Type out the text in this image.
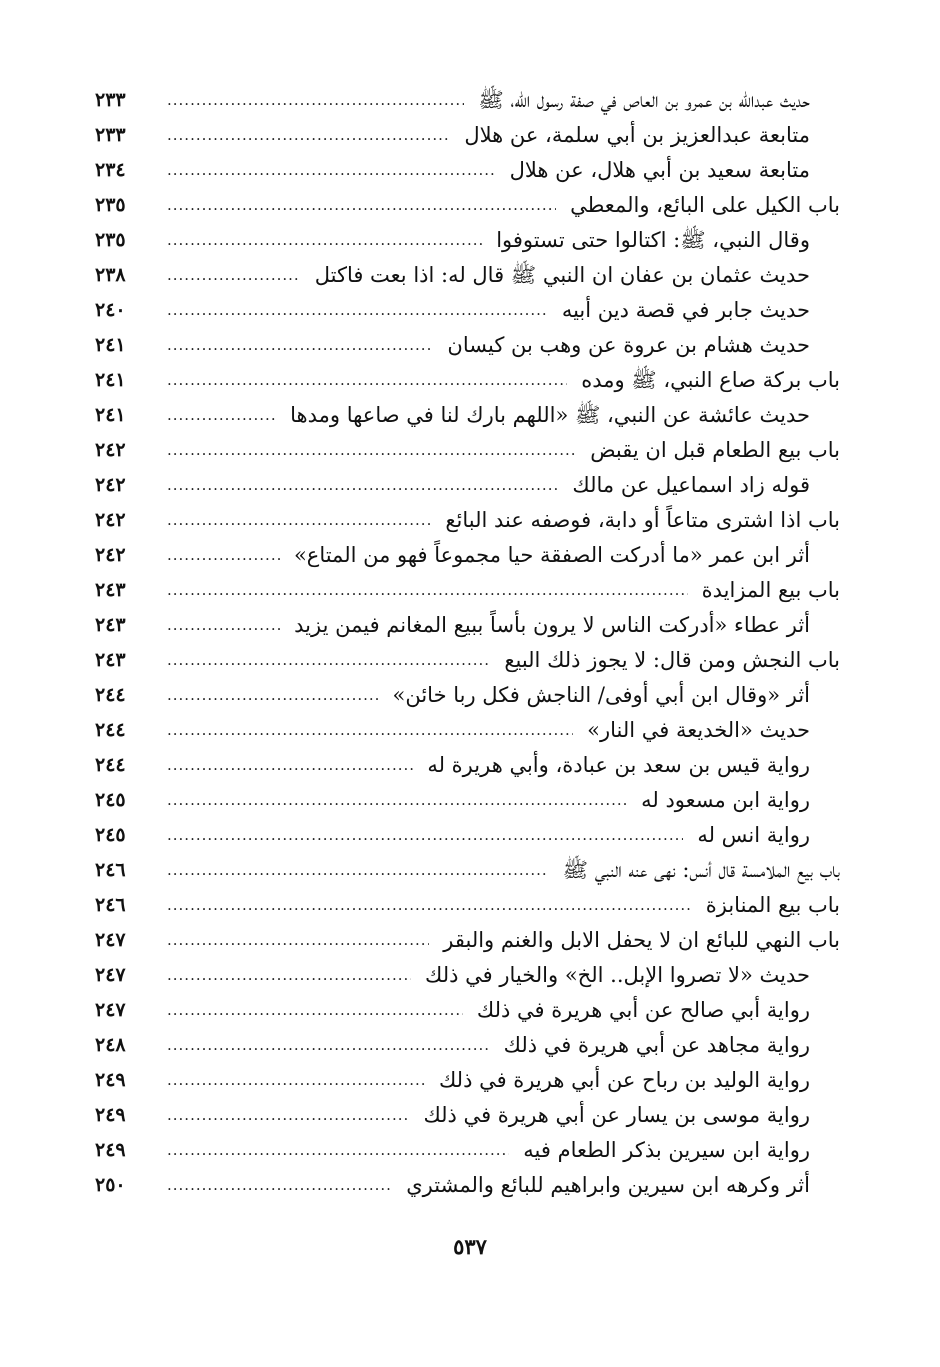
حديث عبدالله بن عمرو بن العاص في صفة رسول الله، ﷺ
.....
٢٣٣
متابعة عبدالعزيز بن أبي سلمة، عن هلال
.....
٢٣٣
متابعة سعيد بن أبي هلال، عن هلال
.....
٢٣٤
باب الكيل على البائع، والمعطي
.....
٢٣٥
وقال النبي، ﷺ: اكتالوا حتى تستوفوا
.....
٢٣٥
حديث عثمان بن عفان ان النبي ﷺ قال له: اذا بعت فاكتل
.....
٢٣٨
حديث جابر في قصة دين أبيه
.....
٢٤٠
حديث هشام بن عروة عن وهب بن كيسان
.....
٢٤١
باب بركة صاع النبي، ﷺ ومده
.....
٢٤١
حديث عائشة عن النبي، ﷺ «اللهم بارك لنا في صاعها ومدها
.....
٢٤١
باب بيع الطعام قبل ان يقبض
.....
٢٤٢
قوله زاد اسماعيل عن مالك
.....
٢٤٢
باب اذا اشترى متاعاً أو دابة، فوصفه عند البائع
.....
٢٤٢
أثر ابن عمر «ما أدركت الصفقة حيا مجموعاً فهو من المتاع»
.....
٢٤٢
باب بيع المزايدة
.....
٢٤٣
أثر عطاء «أدركت الناس لا يرون بأساً ببيع المغانم فيمن يزيد
.....
٢٤٣
باب النجش ومن قال: لا يجوز ذلك البيع
.....
٢٤٣
أثر «وقال ابن أبي أوفى/ الناجش فكل ربا خائن»
.....
٢٤٤
حديث «الخديعة في النار»
.....
٢٤٤
رواية قيس بن سعد بن عبادة، وأبي هريرة له
.....
٢٤٤
رواية ابن مسعود له
.....
٢٤٥
رواية انس له
.....
٢٤٥
باب بيع الملامسة قال أنس: نهى عنه النبي ﷺ
.....
٢٤٦
باب بيع المنابزة
.....
٢٤٦
باب النهي للبائع ان لا يحفل الابل والغنم والبقر
.....
٢٤٧
حديث «لا تصروا الإبل.. الخ» والخيار في ذلك
.....
٢٤٧
رواية أبي صالح عن أبي هريرة في ذلك
.....
٢٤٧
رواية مجاهد عن أبي هريرة في ذلك
.....
٢٤٨
رواية الوليد بن رباح عن أبي هريرة في ذلك
.....
٢٤٩
رواية موسى بن يسار عن أبي هريرة في ذلك
.....
٢٤٩
رواية ابن سيرين بذكر الطعام فيه
.....
٢٤٩
أثر وكرهه ابن سيرين وابراهيم للبائع والمشتري
.....
٢٥٠
٥٣٧
